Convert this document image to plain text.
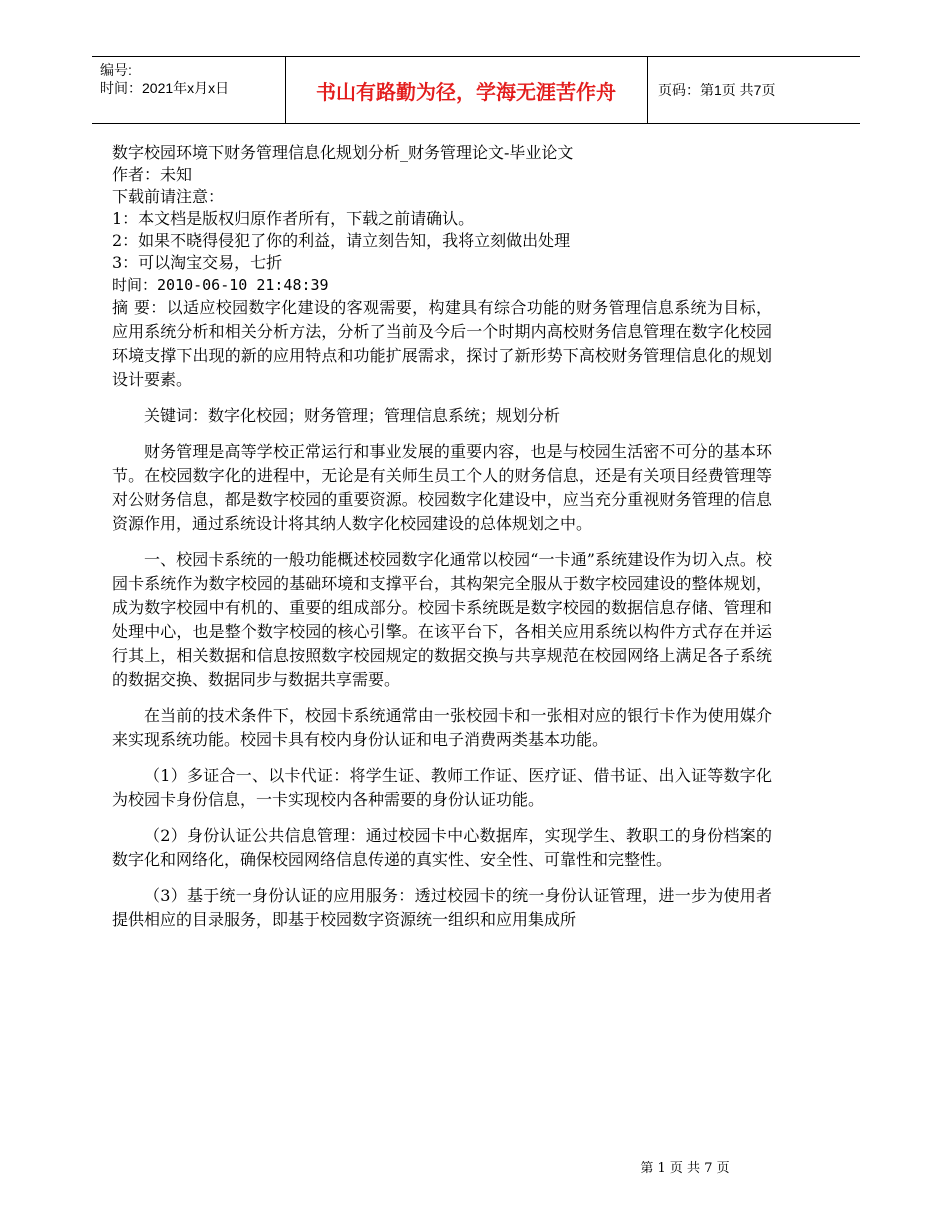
编号:
时间：2021年x月x日	书山有路勤为径，学海无涯苦作舟	页码：第1页 共7页
数字校园环境下财务管理信息化规划分析_财务管理论文-毕业论文
作者：未知
下载前请注意：
1：本文档是版权归原作者所有，下载之前请确认。
2：如果不晓得侵犯了你的利益，请立刻告知，我将立刻做出处理
3：可以淘宝交易，七折
时间：2010-06-10 21:48:39

摘 要：以适应校园数字化建设的客观需要，构建具有综合功能的财务管理信息系统为目标，应用系统分析和相关分析方法，分析了当前及今后一个时期内高校财务信息管理在数字化校园环境支撑下出现的新的应用特点和功能扩展需求，探讨了新形势下高校财务管理信息化的规划设计要素。

关键词：数字化校园；财务管理；管理信息系统；规划分析

财务管理是高等学校正常运行和事业发展的重要内容，也是与校园生活密不可分的基本环节。在校园数字化的进程中，无论是有关师生员工个人的财务信息，还是有关项目经费管理等对公财务信息，都是数字校园的重要资源。校园数字化建设中，应当充分重视财务管理的信息资源作用，通过系统设计将其纳人数字化校园建设的总体规划之中。

一、校园卡系统的一般功能概述校园数字化通常以校园“一卡通”系统建设作为切入点。校园卡系统作为数字校园的基础环境和支撑平台，其构架完全服从于数字校园建设的整体规划，成为数字校园中有机的、重要的组成部分。校园卡系统既是数字校园的数据信息存储、管理和处理中心，也是整个数字校园的核心引擎。在该平台下，各相关应用系统以构件方式存在并运行其上，相关数据和信息按照数字校园规定的数据交换与共享规范在校园网络上满足各子系统的数据交换、数据同步与数据共享需要。

在当前的技术条件下，校园卡系统通常由一张校园卡和一张相对应的银行卡作为使用媒介来实现系统功能。校园卡具有校内身份认证和电子消费两类基本功能。

（1）多证合一、以卡代证：将学生证、教师工作证、医疗证、借书证、出入证等数字化为校园卡身份信息，一卡实现校内各种需要的身份认证功能。

（2）身份认证公共信息管理：通过校园卡中心数据库，实现学生、教职工的身份档案的数字化和网络化，确保校园网络信息传递的真实性、安全性、可靠性和完整性。

（3）基于统一身份认证的应用服务：透过校园卡的统一身份认证管理，进一步为使用者提供相应的目录服务，即基于校园数字资源统一组织和应用集成所

第 1 页 共 7 页
